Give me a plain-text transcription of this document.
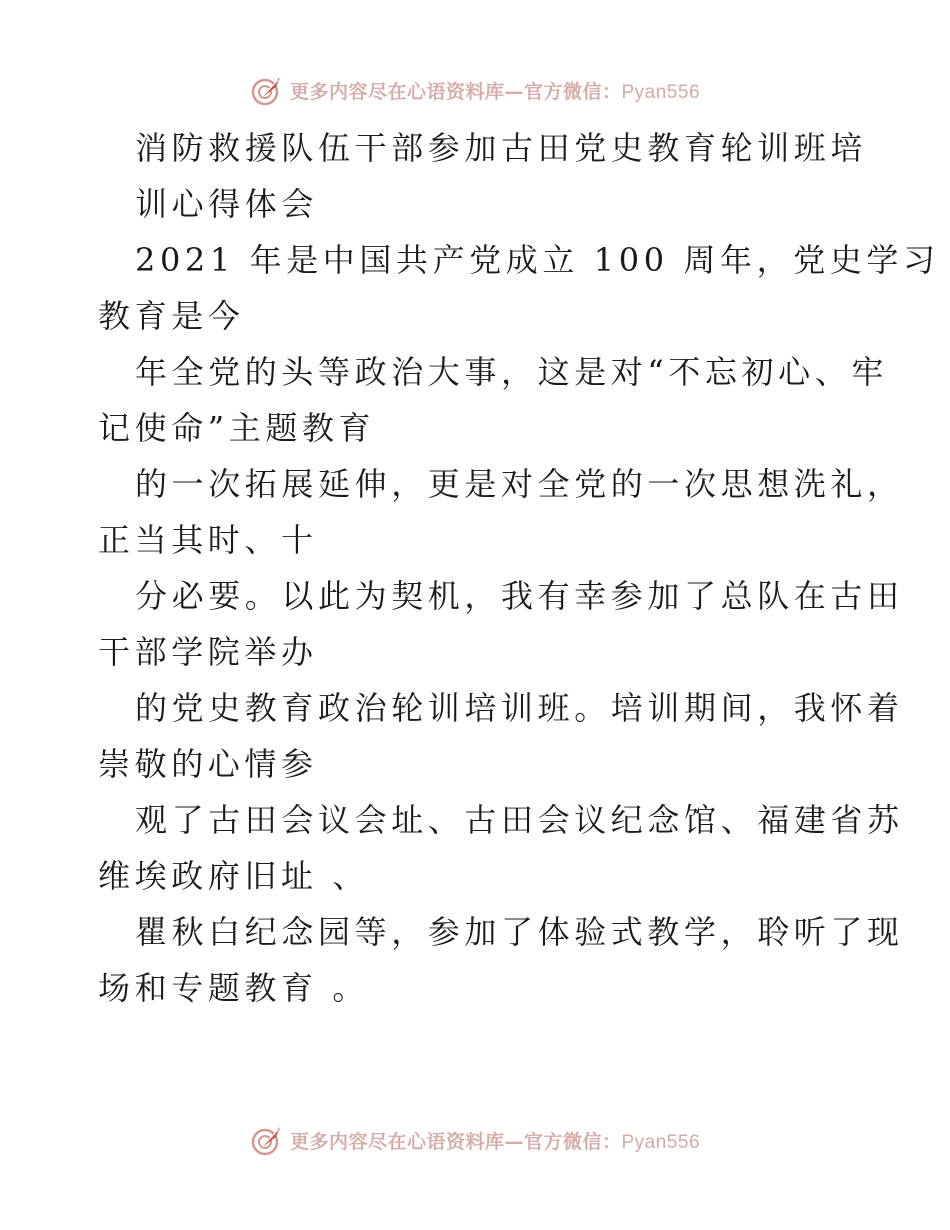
更多内容尽在心语资料库—官方微信：Pyan556
消防救援队伍干部参加古田党史教育轮训班培
训心得体会
2021 年是中国共产党成立 100 周年，党史学习
教育是今
年全党的头等政治大事，这是对“不忘初心、牢
记使命”主题教育
的一次拓展延伸，更是对全党的一次思想洗礼，
正当其时、十
分必要。以此为契机，我有幸参加了总队在古田
干部学院举办
的党史教育政治轮训培训班。培训期间，我怀着
崇敬的心情参
观了古田会议会址、古田会议纪念馆、福建省苏
维埃政府旧址 、
瞿秋白纪念园等，参加了体验式教学，聆听了现
场和专题教育 。
更多内容尽在心语资料库—官方微信：Pyan556
